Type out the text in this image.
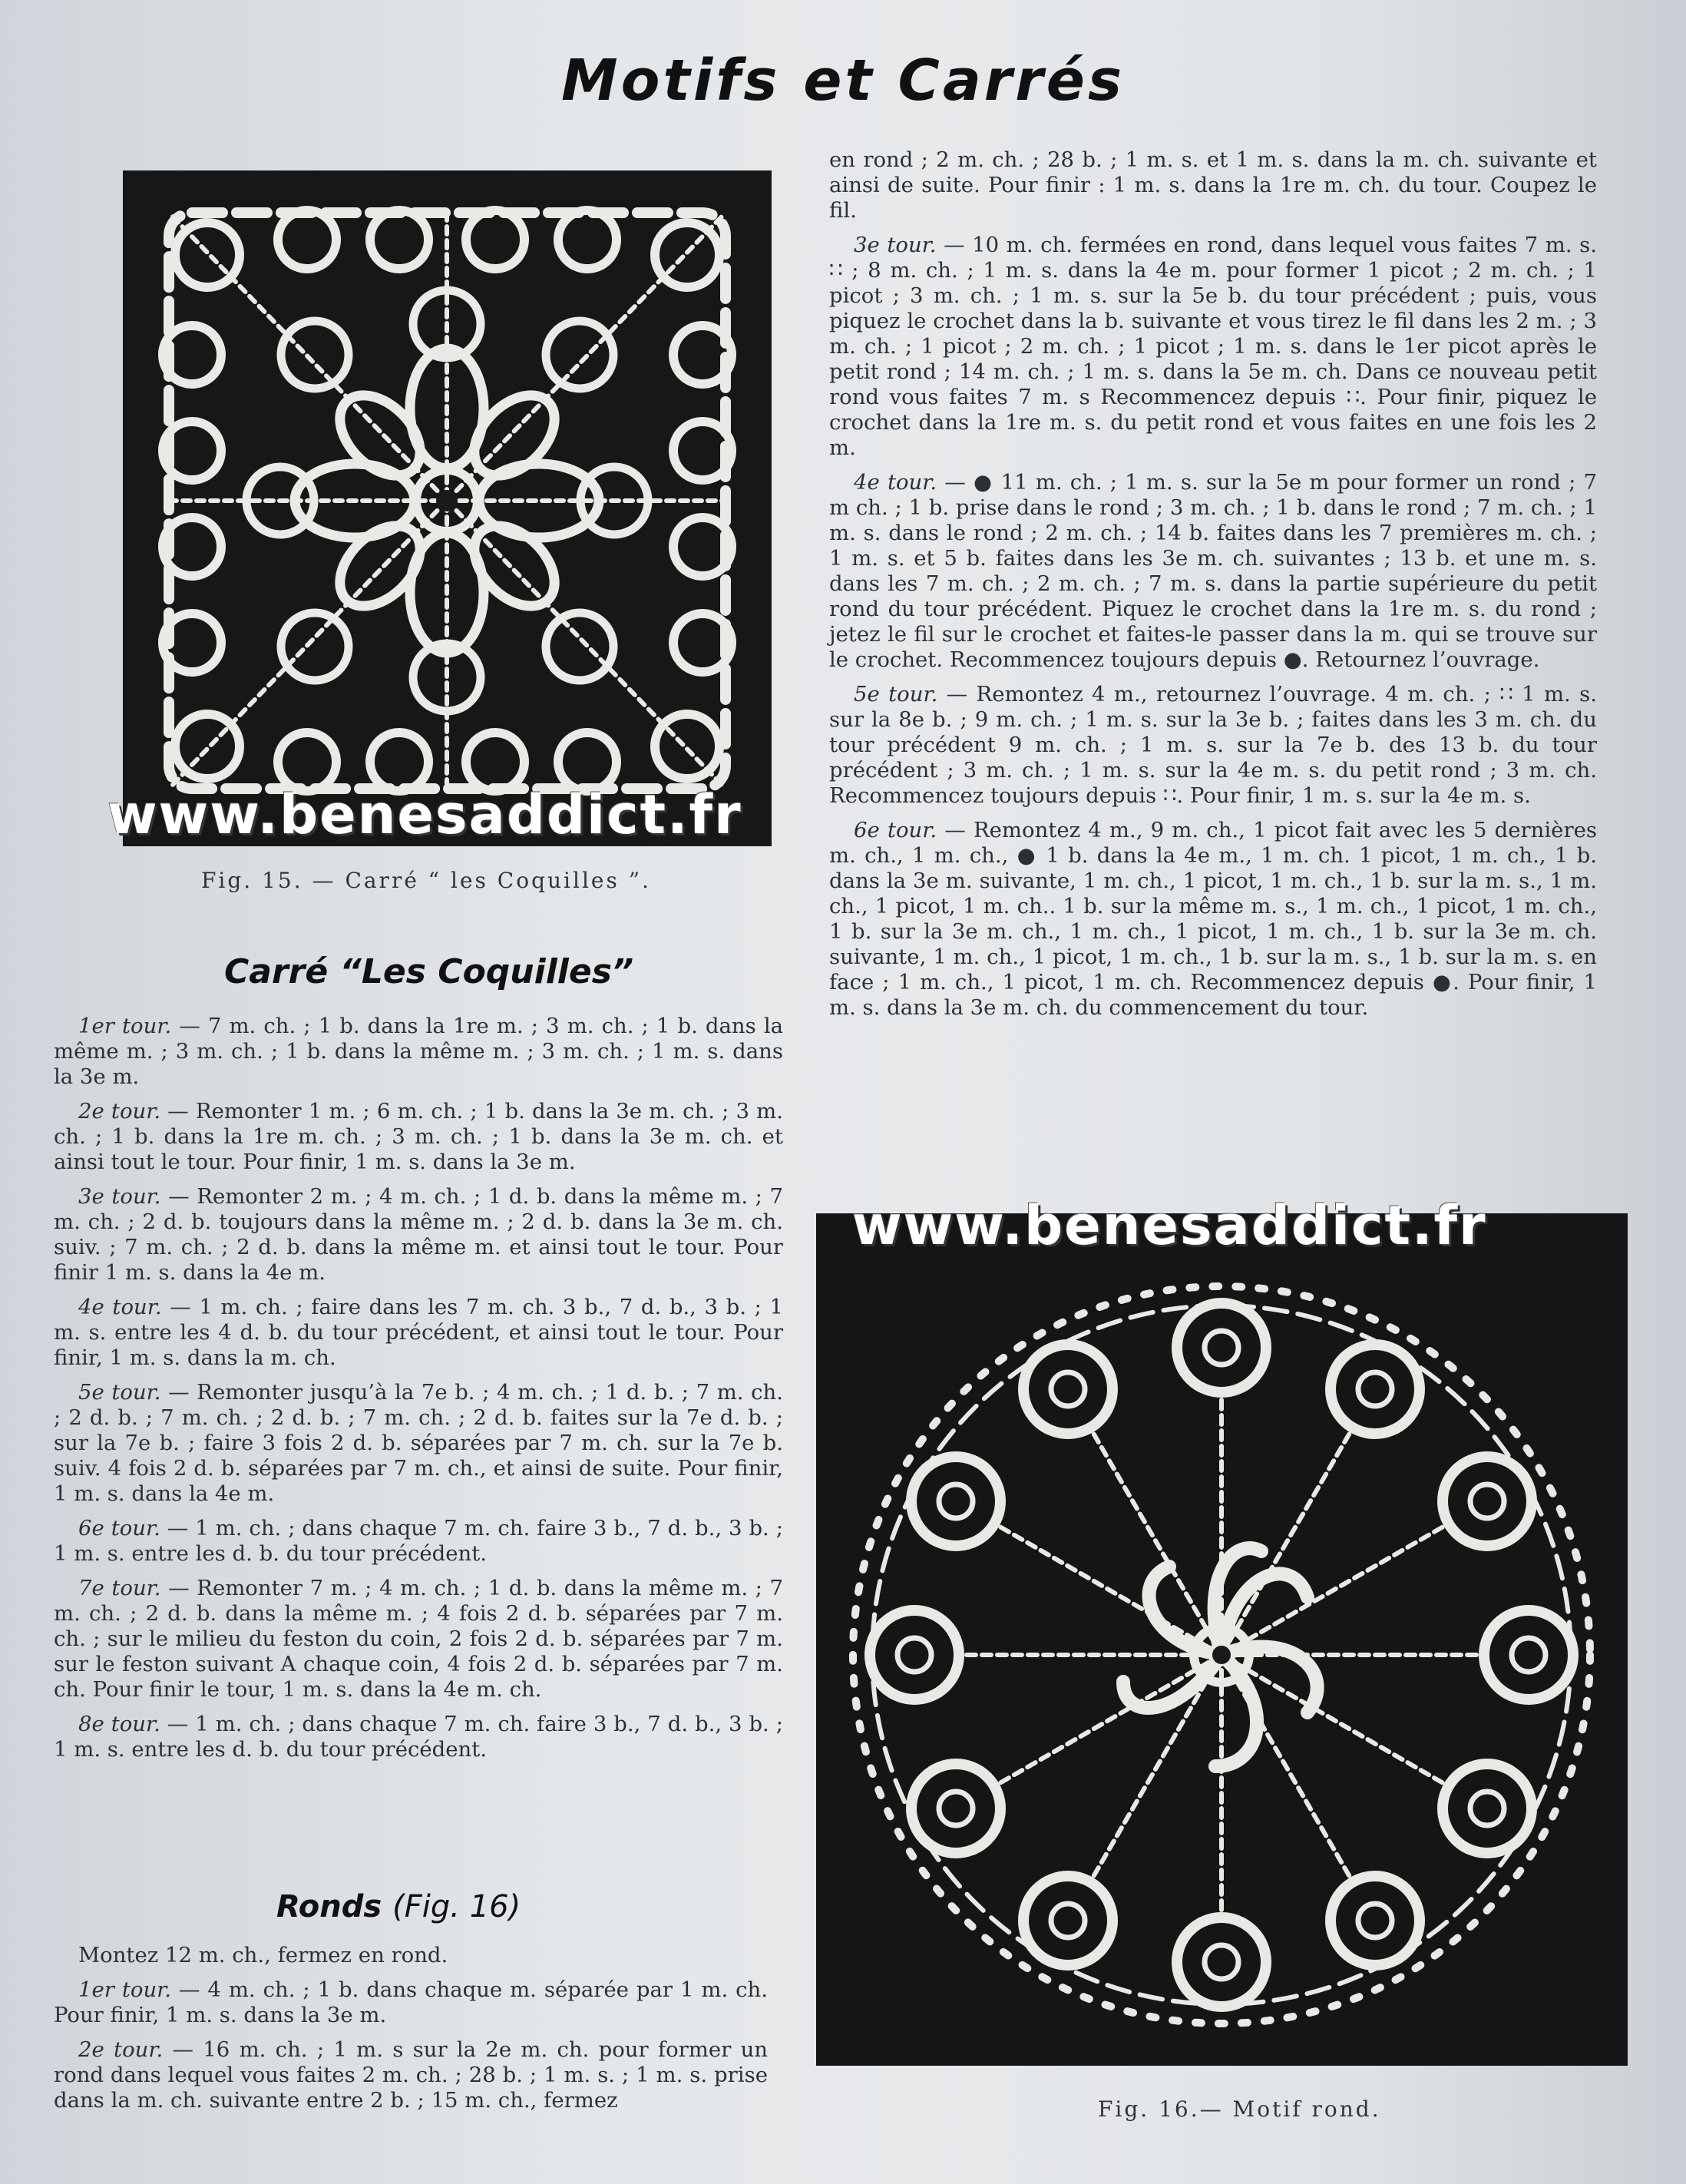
Motifs et Carrés
www.benesaddict.fr
Fig. 15. — Carré “ les Coquilles ”.
Carré “Les Coquilles”

1er tour. — 7 m. ch. ; 1 b. dans la 1re m. ; 3 m. ch. ; 1 b. dans la même m. ; 3 m. ch. ; 1 b. dans la même m. ; 3 m. ch. ; 1 m. s. dans la 3e m.

2e tour. — Remonter 1 m. ; 6 m. ch. ; 1 b. dans la 3e m. ch. ; 3 m. ch. ; 1 b. dans la 1re m. ch. ; 3 m. ch. ; 1 b. dans la 3e m. ch. et ainsi tout le tour. Pour finir, 1 m. s. dans la 3e m.

3e tour. — Remonter 2 m. ; 4 m. ch. ; 1 d. b. dans la même m. ; 7 m. ch. ; 2 d. b. toujours dans la même m. ; 2 d. b. dans la 3e m. ch. suiv. ; 7 m. ch. ; 2 d. b. dans la même m. et ainsi tout le tour. Pour finir 1 m. s. dans la 4e m.

4e tour. — 1 m. ch. ; faire dans les 7 m. ch. 3 b., 7 d. b., 3 b. ; 1 m. s. entre les 4 d. b. du tour précédent, et ainsi tout le tour. Pour finir, 1 m. s. dans la m. ch.

5e tour. — Remonter jusqu’à la 7e b. ; 4 m. ch. ; 1 d. b. ; 7 m. ch. ; 2 d. b. ; 7 m. ch. ; 2 d. b. ; 7 m. ch. ; 2 d. b. faites sur la 7e d. b. ; sur la 7e b. ; faire 3 fois 2 d. b. séparées par 7 m. ch. sur la 7e b. suiv. 4 fois 2 d. b. séparées par 7 m. ch., et ainsi de suite. Pour finir, 1 m. s. dans la 4e m.

6e tour. — 1 m. ch. ; dans chaque 7 m. ch. faire 3 b., 7 d. b., 3 b. ; 1 m. s. entre les d. b. du tour précédent.

7e tour. — Remonter 7 m. ; 4 m. ch. ; 1 d. b. dans la même m. ; 7 m. ch. ; 2 d. b. dans la même m. ; 4 fois 2 d. b. séparées par 7 m. ch. ; sur le milieu du feston du coin, 2 fois 2 d. b. séparées par 7 m. sur le feston suivant A chaque coin, 4 fois 2 d. b. séparées par 7 m. ch. Pour finir le tour, 1 m. s. dans la 4e m. ch.

8e tour. — 1 m. ch. ; dans chaque 7 m. ch. faire 3 b., 7 d. b., 3 b. ; 1 m. s. entre les d. b. du tour précédent.

Ronds (Fig. 16)

Montez 12 m. ch., fermez en rond.

1er tour. — 4 m. ch. ; 1 b. dans chaque m. séparée par 1 m. ch. Pour finir, 1 m. s. dans la 3e m.

2e tour. — 16 m. ch. ; 1 m. s sur la 2e m. ch. pour former un rond dans lequel vous faites 2 m. ch. ; 28 b. ; 1 m. s. ; 1 m. s. prise dans la m. ch. suivante entre 2 b. ; 15 m. ch., fermez

en rond ; 2 m. ch. ; 28 b. ; 1 m. s. et 1 m. s. dans la m. ch. suivante et ainsi de suite. Pour finir : 1 m. s. dans la 1re m. ch. du tour. Coupez le fil.

3e tour. — 10 m. ch. fermées en rond, dans lequel vous faites 7 m. s. ∷ ; 8 m. ch. ; 1 m. s. dans la 4e m. pour former 1 picot ; 2 m. ch. ; 1 picot ; 3 m. ch. ; 1 m. s. sur la 5e b. du tour précédent ; puis, vous piquez le crochet dans la b. suivante et vous tirez le fil dans les 2 m. ; 3 m. ch. ; 1 picot ; 2 m. ch. ; 1 picot ; 1 m. s. dans le 1er picot après le petit rond ; 14 m. ch. ; 1 m. s. dans la 5e m. ch. Dans ce nouveau petit rond vous faites 7 m. s Recommencez depuis ∷. Pour finir, piquez le crochet dans la 1re m. s. du petit rond et vous faites en une fois les 2 m.

4e tour. — ● 11 m. ch. ; 1 m. s. sur la 5e m pour former un rond ; 7 m ch. ; 1 b. prise dans le rond ; 3 m. ch. ; 1 b. dans le rond ; 7 m. ch. ; 1 m. s. dans le rond ; 2 m. ch. ; 14 b. faites dans les 7 premières m. ch. ; 1 m. s. et 5 b. faites dans les 3e m. ch. suivantes ; 13 b. et une m. s. dans les 7 m. ch. ; 2 m. ch. ; 7 m. s. dans la partie supérieure du petit rond du tour précédent. Piquez le crochet dans la 1re m. s. du rond ; jetez le fil sur le crochet et faites-le passer dans la m. qui se trouve sur le crochet. Recommencez toujours depuis ●. Retournez l’ouvrage.

5e tour. — Remontez 4 m., retournez l’ouvrage. 4 m. ch. ; ∷ 1 m. s. sur la 8e b. ; 9 m. ch. ; 1 m. s. sur la 3e b. ; faites dans les 3 m. ch. du tour précédent 9 m. ch. ; 1 m. s. sur la 7e b. des 13 b. du tour précédent ; 3 m. ch. ; 1 m. s. sur la 4e m. s. du petit rond ; 3 m. ch. Recommencez toujours depuis ∷. Pour finir, 1 m. s. sur la 4e m. s.

6e tour. — Remontez 4 m., 9 m. ch., 1 picot fait avec les 5 dernières m. ch., 1 m. ch., ● 1 b. dans la 4e m., 1 m. ch. 1 picot, 1 m. ch., 1 b. dans la 3e m. suivante, 1 m. ch., 1 picot, 1 m. ch., 1 b. sur la m. s., 1 m. ch., 1 picot, 1 m. ch.. 1 b. sur la même m. s., 1 m. ch., 1 picot, 1 m. ch., 1 b. sur la 3e m. ch., 1 m. ch., 1 picot, 1 m. ch., 1 b. sur la 3e m. ch. suivante, 1 m. ch., 1 picot, 1 m. ch., 1 b. sur la m. s., 1 b. sur la m. s. en face ; 1 m. ch., 1 picot, 1 m. ch. Recommencez depuis ●. Pour finir, 1 m. s. dans la 3e m. ch. du commencement du tour.

www.benesaddict.fr
Fig. 16.— Motif rond.
